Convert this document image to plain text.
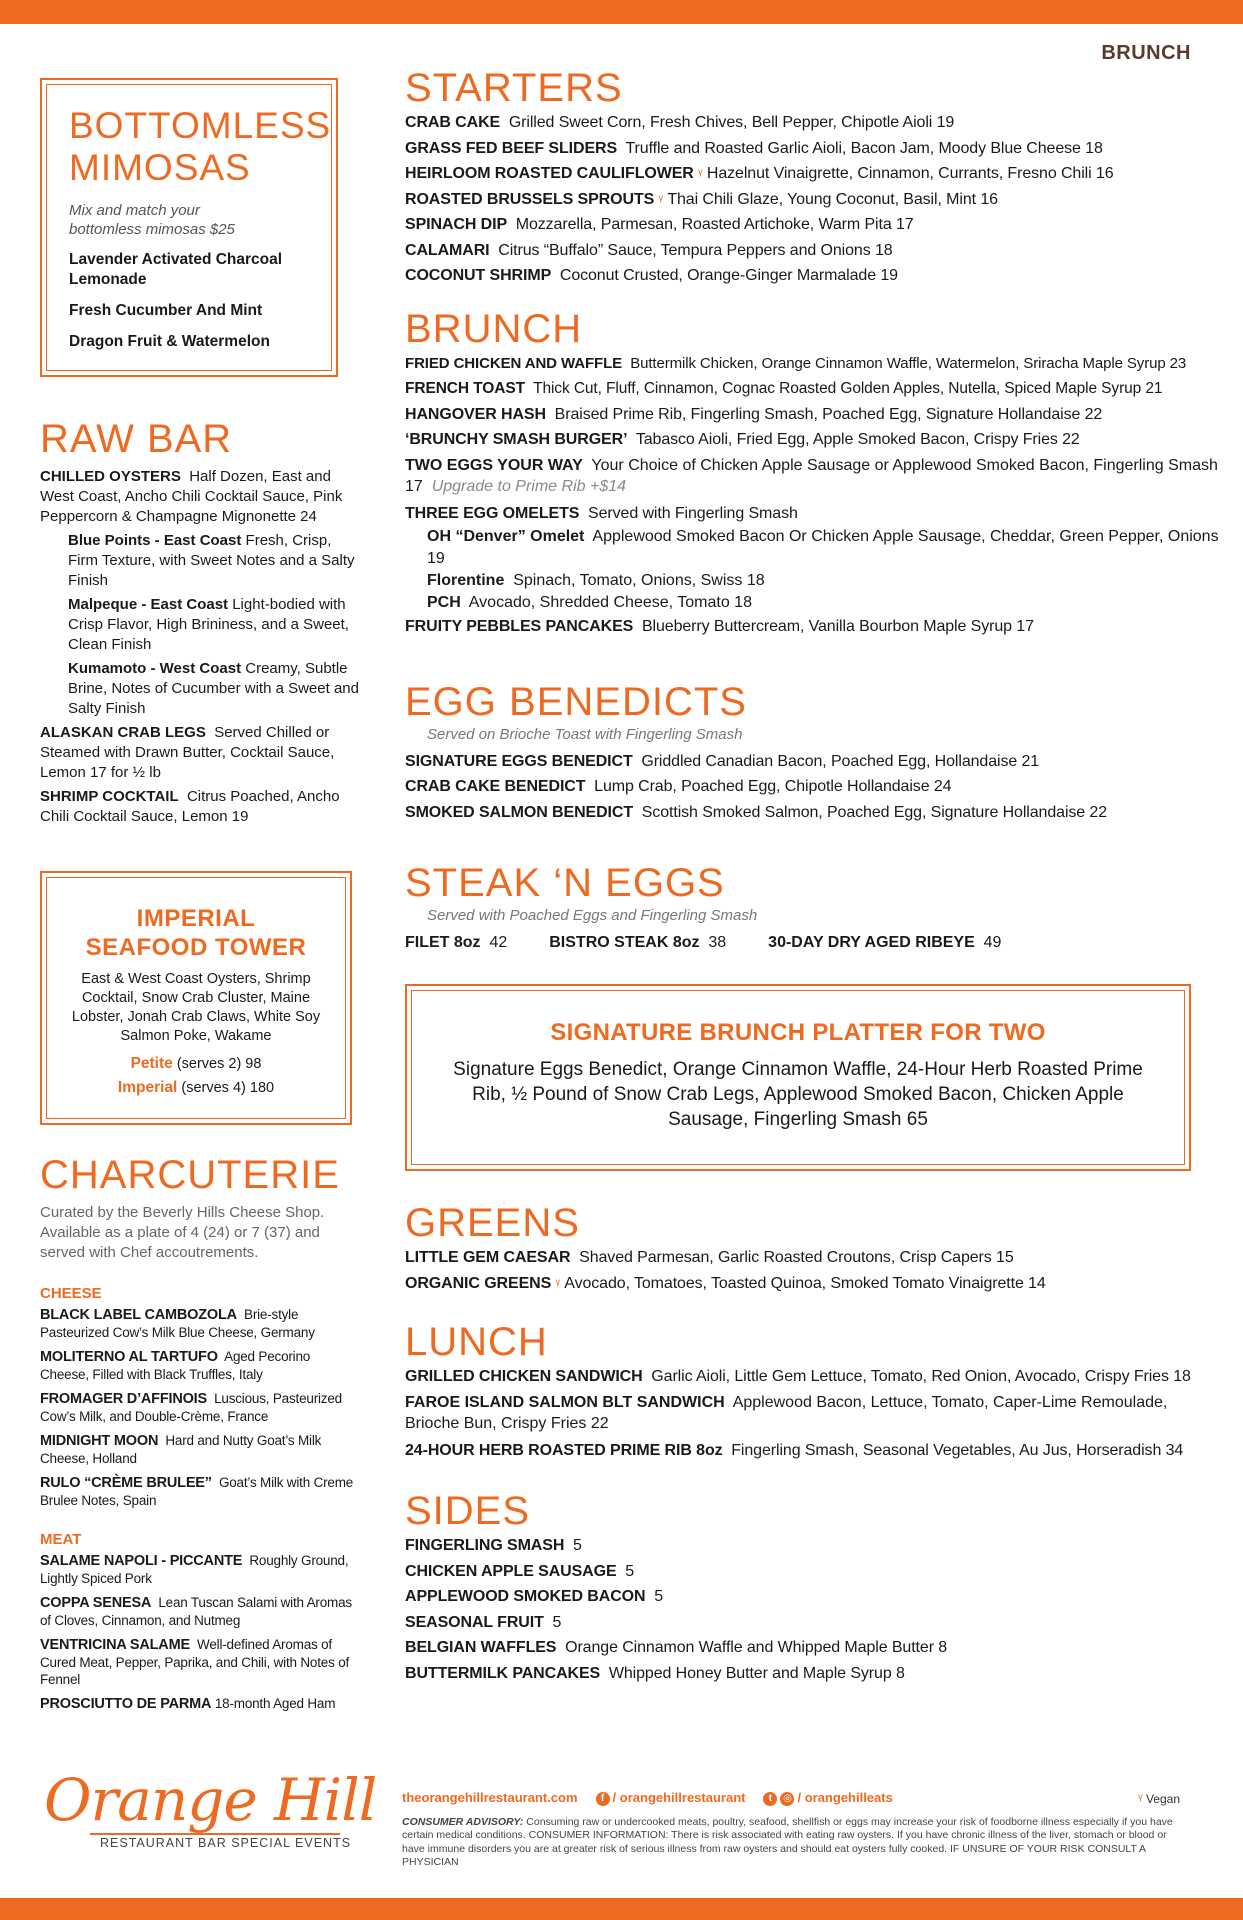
BRUNCH
BOTTOMLESS MIMOSAS
Mix and match your
bottomless mimosas $25
Lavender Activated Charcoal Lemonade
Fresh Cucumber And Mint
Dragon Fruit & Watermelon
RAW BAR
CHILLED OYSTERS Half Dozen, East and West Coast, Ancho Chili Cocktail Sauce, Pink Peppercorn & Champagne Mignonette 24
Blue Points - East Coast Fresh, Crisp, Firm Texture, with Sweet Notes and a Salty Finish
Malpeque - East Coast Light-bodied with Crisp Flavor, High Brininess, and a Sweet, Clean Finish
Kumamoto - West Coast Creamy, Subtle Brine, Notes of Cucumber with a Sweet and Salty Finish
ALASKAN CRAB LEGS Served Chilled or Steamed with Drawn Butter, Cocktail Sauce, Lemon 17 for ½ lb
SHRIMP COCKTAIL Citrus Poached, Ancho Chili Cocktail Sauce, Lemon 19
IMPERIAL
SEAFOOD TOWER
East & West Coast Oysters, Shrimp Cocktail, Snow Crab Cluster, Maine Lobster, Jonah Crab Claws, White Soy Salmon Poke, Wakame
Petite (serves 2) 98
Imperial (serves 4) 180
CHARCUTERIE
Curated by the Beverly Hills Cheese Shop. Available as a plate of 4 (24) or 7 (37) and served with Chef accoutrements.
CHEESE
BLACK LABEL CAMBOZOLA Brie-style Pasteurized Cow’s Milk Blue Cheese, Germany
MOLITERNO AL TARTUFO Aged Pecorino Cheese, Filled with Black Truffles, Italy
FROMAGER D’AFFINOIS Luscious, Pasteurized Cow’s Milk, and Double-Crème, France
MIDNIGHT MOON Hard and Nutty Goat’s Milk Cheese, Holland
RULO “CRÈME BRULEE” Goat’s Milk with Creme Brulee Notes, Spain
MEAT
SALAME NAPOLI - PICCANTE Roughly Ground, Lightly Spiced Pork
COPPA SENESA Lean Tuscan Salami with Aromas of Cloves, Cinnamon, and Nutmeg
VENTRICINA SALAME Well-defined Aromas of Cured Meat, Pepper, Paprika, and Chili, with Notes of Fennel
PROSCIUTTO DE PARMA 18-month Aged Ham
STARTERS
CRAB CAKE Grilled Sweet Corn, Fresh Chives, Bell Pepper, Chipotle Aioli 19
GRASS FED BEEF SLIDERS Truffle and Roasted Garlic Aioli, Bacon Jam, Moody Blue Cheese 18
HEIRLOOM ROASTED CAULIFLOWER ᵞ Hazelnut Vinaigrette, Cinnamon, Currants, Fresno Chili 16
ROASTED BRUSSELS SPROUTS ᵞ Thai Chili Glaze, Young Coconut, Basil, Mint 16
SPINACH DIP Mozzarella, Parmesan, Roasted Artichoke, Warm Pita 17
CALAMARI Citrus “Buffalo” Sauce, Tempura Peppers and Onions 18
COCONUT SHRIMP Coconut Crusted, Orange-Ginger Marmalade 19
BRUNCH
FRIED CHICKEN AND WAFFLE Buttermilk Chicken, Orange Cinnamon Waffle, Watermelon, Sriracha Maple Syrup 23
FRENCH TOAST Thick Cut, Fluff, Cinnamon, Cognac Roasted Golden Apples, Nutella, Spiced Maple Syrup 21
HANGOVER HASH Braised Prime Rib, Fingerling Smash, Poached Egg, Signature Hollandaise 22
‘BRUNCHY SMASH BURGER’ Tabasco Aioli, Fried Egg, Apple Smoked Bacon, Crispy Fries 22
TWO EGGS YOUR WAY Your Choice of Chicken Apple Sausage or Applewood Smoked Bacon, Fingerling Smash 17 Upgrade to Prime Rib +$14
THREE EGG OMELETS Served with Fingerling Smash
OH “Denver” Omelet Applewood Smoked Bacon Or Chicken Apple Sausage, Cheddar, Green Pepper, Onions 19
Florentine Spinach, Tomato, Onions, Swiss 18
PCH Avocado, Shredded Cheese, Tomato 18
FRUITY PEBBLES PANCAKES Blueberry Buttercream, Vanilla Bourbon Maple Syrup 17
EGG BENEDICTS
Served on Brioche Toast with Fingerling Smash
SIGNATURE EGGS BENEDICT Griddled Canadian Bacon, Poached Egg, Hollandaise 21
CRAB CAKE BENEDICT Lump Crab, Poached Egg, Chipotle Hollandaise 24
SMOKED SALMON BENEDICT Scottish Smoked Salmon, Poached Egg, Signature Hollandaise 22
STEAK ‘N EGGS
Served with Poached Eggs and Fingerling Smash
FILET 8oz 42	BISTRO STEAK 8oz 38	30-DAY DRY AGED RIBEYE 49
SIGNATURE BRUNCH PLATTER FOR TWO
Signature Eggs Benedict, Orange Cinnamon Waffle, 24-Hour Herb Roasted Prime Rib, ½ Pound of Snow Crab Legs, Applewood Smoked Bacon, Chicken Apple Sausage, Fingerling Smash 65
GREENS
LITTLE GEM CAESAR Shaved Parmesan, Garlic Roasted Croutons, Crisp Capers 15
ORGANIC GREENS ᵞ Avocado, Tomatoes, Toasted Quinoa, Smoked Tomato Vinaigrette 14
LUNCH
GRILLED CHICKEN SANDWICH Garlic Aioli, Little Gem Lettuce, Tomato, Red Onion, Avocado, Crispy Fries 18
FAROE ISLAND SALMON BLT SANDWICH Applewood Bacon, Lettuce, Tomato, Caper-Lime Remoulade, Brioche Bun, Crispy Fries 22
24-HOUR HERB ROASTED PRIME RIB 8oz Fingerling Smash, Seasonal Vegetables, Au Jus, Horseradish 34
SIDES
FINGERLING SMASH 5
CHICKEN APPLE SAUSAGE 5
APPLEWOOD SMOKED BACON 5
SEASONAL FRUIT 5
BELGIAN WAFFLES Orange Cinnamon Waffle and Whipped Maple Butter 8
BUTTERMILK PANCAKES Whipped Honey Butter and Maple Syrup 8
Orange Hill
RESTAURANT BAR SPECIAL EVENTS
theorangehillrestaurant.com	f / orangehillrestaurant	t ◎ / orangehilleats	ᵞ Vegan
CONSUMER ADVISORY: Consuming raw or undercooked meats, poultry, seafood, shellfish or eggs may increase your risk of foodborne illness especially if you have certain medical conditions. CONSUMER INFORMATION: There is risk associated with eating raw oysters. If you have chronic illness of the liver, stomach or blood or have immune disorders you are at greater risk of serious illness from raw oysters and should eat oysters fully cooked. IF UNSURE OF YOUR RISK CONSULT A PHYSICIAN
